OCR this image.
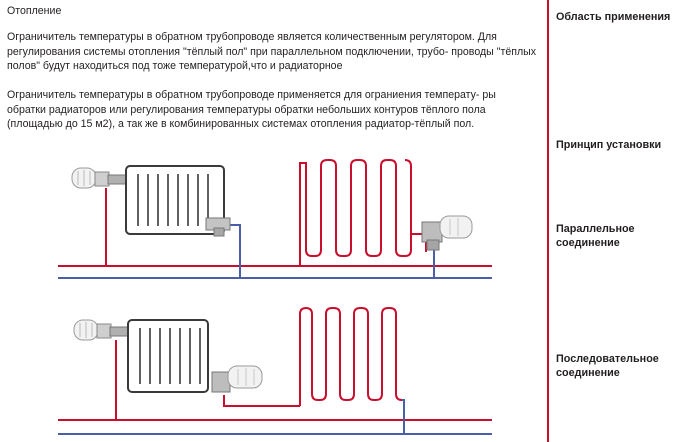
Отопление
Ограничитель температуры в обратном трубопроводе является количественным регулятором. Для регулирования системы отопления "тёплый пол" при параллельном подключении, трубо- проводы "тёплых полов" будут находиться под тоже температурой,что и радиаторное
Ограничитель температуры в обратном трубопроводе применяется для ограниения температу- ры обратки радиаторов или регулирования температуры обратки небольших контуров тёплого пола (площадью до 15 м2), а так же в комбинированных системах отопления радиатор-тёплый пол.
Область применения
Принцип установки
Параллельное соединение
Последовательное соединение
